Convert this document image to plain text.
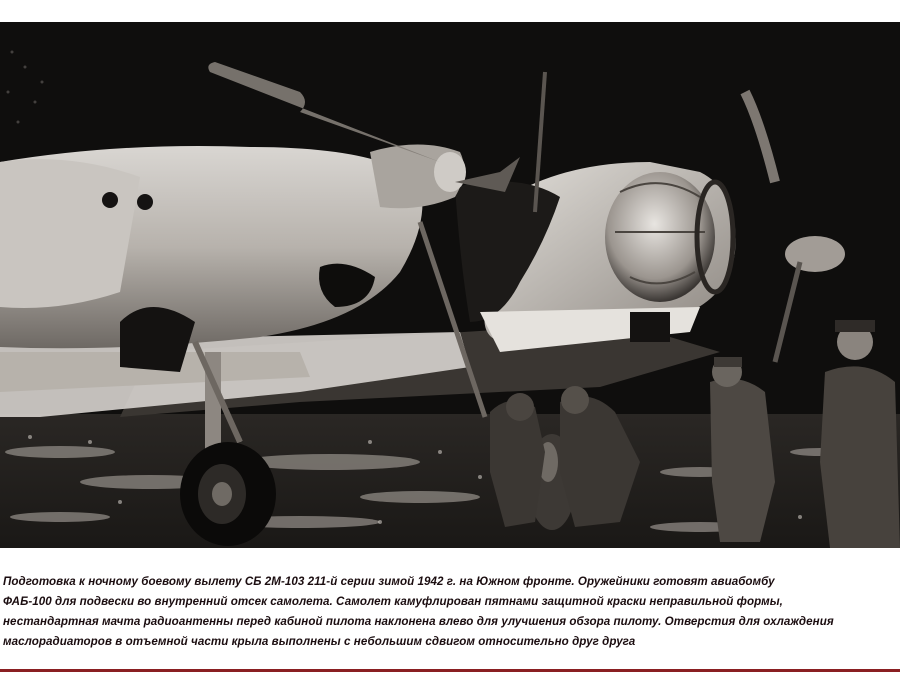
Подготовка к ночному боевому вылету СБ 2М-103 211-й серии зимой 1942 г. на Южном фронте. Оружейники готовят авиабомбу
ФАБ-100 для подвески во внутренний отсек самолета. Самолет камуфлирован пятнами защитной краски неправильной формы,
нестандартная мачта радиоантенны перед кабиной пилота наклонена влево для улучшения обзора пилоту. Отверстия для охлаждения
маслорадиаторов в отъемной части крыла выполнены с небольшим сдвигом относительно друг друга
